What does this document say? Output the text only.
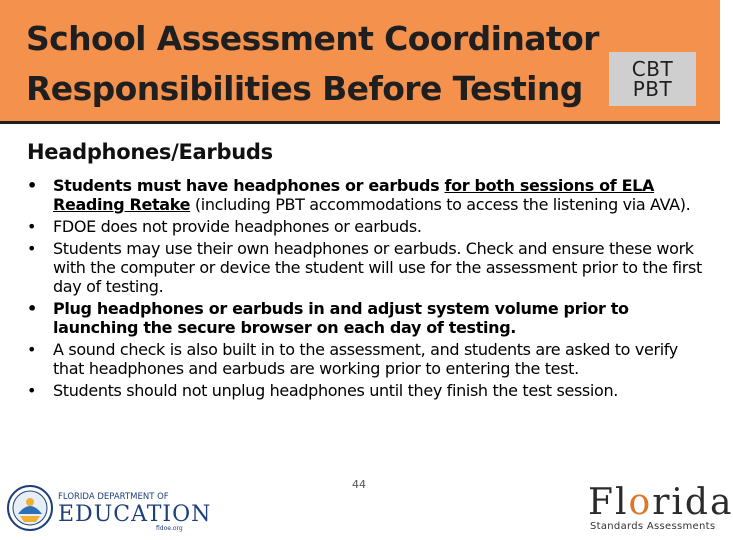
School Assessment Coordinator
Responsibilities Before Testing	CBT
PBT
Headphones/Earbuds
• Students must have headphones or earbuds for both sessions of ELA Reading Retake (including PBT accommodations to access the listening via AVA).
• FDOE does not provide headphones or earbuds.
• Students may use their own headphones or earbuds. Check and ensure these work with the computer or device the student will use for the assessment prior to the first day of testing.
• Plug headphones or earbuds in and adjust system volume prior to launching the secure browser on each day of testing.
• A sound check is also built in to the assessment, and students are asked to verify that headphones and earbuds are working prior to entering the test.
• Students should not unplug headphones until they finish the test session.
44
FLORIDA DEPARTMENT OF
EDUCATION
fldoe.org
Florida
Standards Assessments
